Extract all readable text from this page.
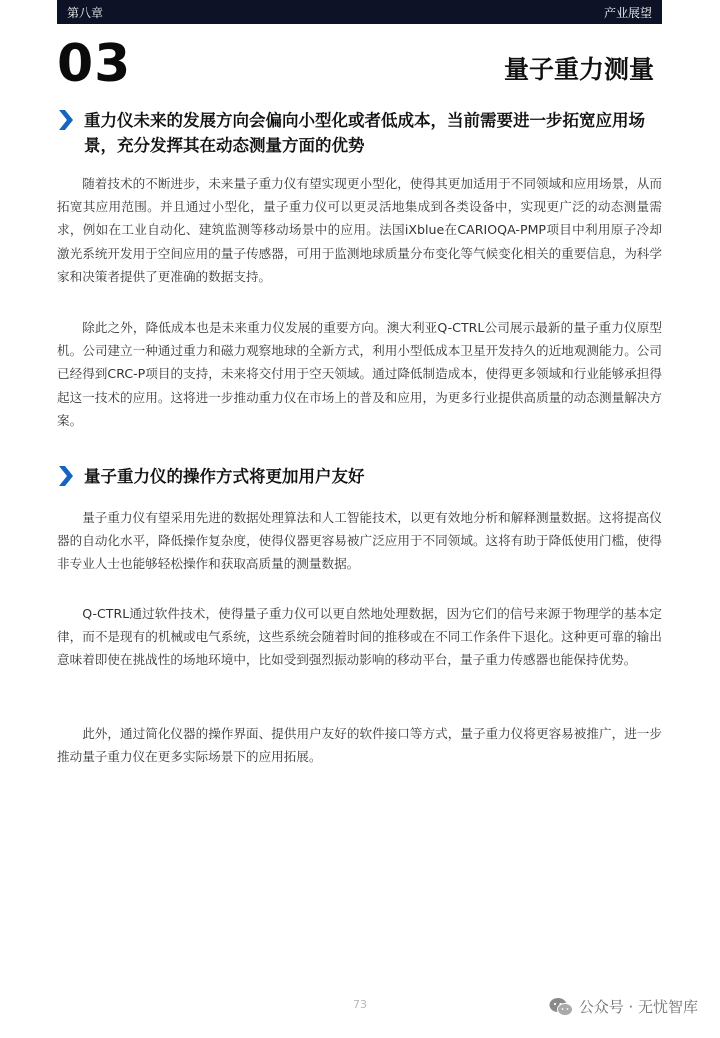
第八章	产业展望
03	量子重力测量
重力仪未来的发展方向会偏向小型化或者低成本，当前需要进一步拓宽应用场景，充分发挥其在动态测量方面的优势

随着技术的不断进步，未来量子重力仪有望实现更小型化，使得其更加适用于不同领域和应用场景，从而拓宽其应用范围。并且通过小型化，量子重力仪可以更灵活地集成到各类设备中，实现更广泛的动态测量需求，例如在工业自动化、建筑监测等移动场景中的应用。法国iXblue在CARIOQA-PMP项目中利用原子冷却激光系统开发用于空间应用的量子传感器，可用于监测地球质量分布变化等气候变化相关的重要信息，为科学家和决策者提供了更准确的数据支持。

除此之外，降低成本也是未来重力仪发展的重要方向。澳大利亚Q-CTRL公司展示最新的量子重力仪原型机。公司建立一种通过重力和磁力观察地球的全新方式，利用小型低成本卫星开发持久的近地观测能力。公司已经得到CRC-P项目的支持，未来将交付用于空天领域。通过降低制造成本，使得更多领域和行业能够承担得起这一技术的应用。这将进一步推动重力仪在市场上的普及和应用，为更多行业提供高质量的动态测量解决方案。

量子重力仪的操作方式将更加用户友好

量子重力仪有望采用先进的数据处理算法和人工智能技术，以更有效地分析和解释测量数据。这将提高仪器的自动化水平，降低操作复杂度，使得仪器更容易被广泛应用于不同领域。这将有助于降低使用门槛，使得非专业人士也能够轻松操作和获取高质量的测量数据。

Q-CTRL通过软件技术，使得量子重力仪可以更自然地处理数据，因为它们的信号来源于物理学的基本定律，而不是现有的机械或电气系统，这些系统会随着时间的推移或在不同工作条件下退化。这种更可靠的输出意味着即使在挑战性的场地环境中，比如受到强烈振动影响的移动平台，量子重力传感器也能保持优势。

此外，通过简化仪器的操作界面、提供用户友好的软件接口等方式，量子重力仪将更容易被推广，进一步推动量子重力仪在更多实际场景下的应用拓展。

73	公众号 · 无忧智库
